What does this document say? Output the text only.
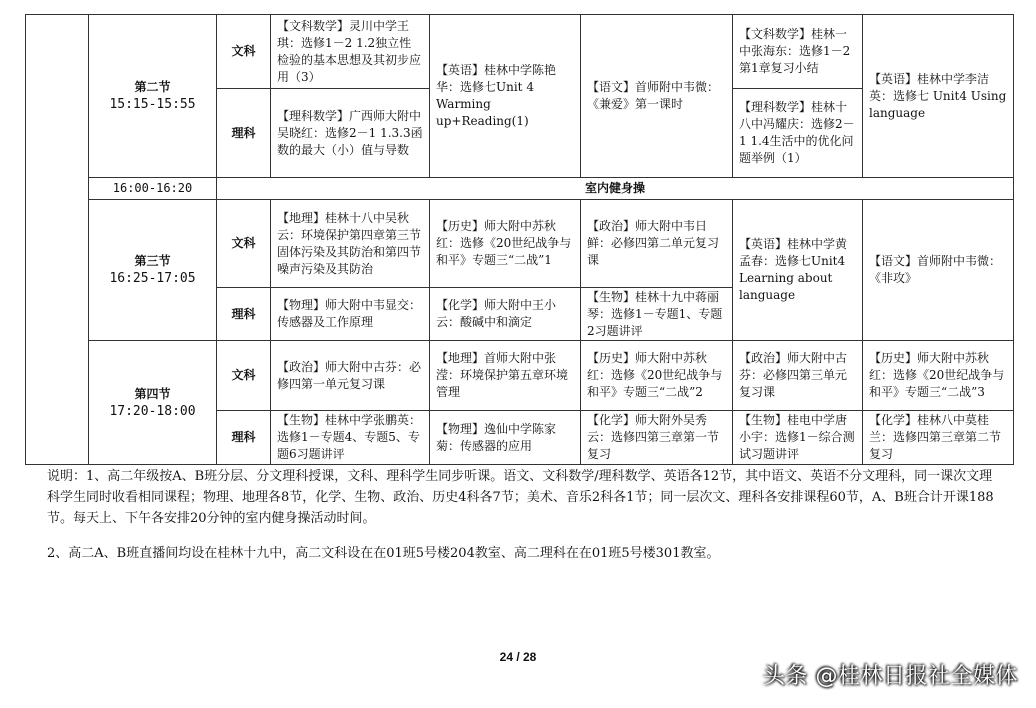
	第二节
15:15-15:55	文科	【文科数学】灵川中学王琪：选修1－2 1.2独立性检验的基本思想及其初步应用（3）	【英语】桂林中学陈艳华：选修七Unit 4 Warming up+Reading(1)	【语文】首师附中韦微：《兼爱》第一课时	【文科数学】桂林一中张海东：选修1－2第1章复习小结	【英语】桂林中学李洁英：选修七 Unit4 Using language
		理科	【理科数学】广西师大附中吴晓红：选修2－1 1.3.3函数的最大（小）值与导数			【理科数学】桂林十八中冯耀庆：选修2－1 1.4生活中的优化问题举例（1）	
	16:00-16:20	室内健身操					

	第三节
16:25-17:05	文科	【地理】桂林十八中吴秋云：环境保护第四章第三节固体污染及其防治和第四节噪声污染及其防治	【历史】师大附中苏秋红：选修《20世纪战争与和平》专题三“二战”1	【政治】师大附中韦日鲜：必修四第二单元复习课	【英语】桂林中学黄孟春：选修七Unit4 Learning about language	【语文】首师附中韦微：《非攻》
		理科	【物理】师大附中韦显交：传感器及工作原理	【化学】师大附中王小云：酸碱中和滴定	【生物】桂林十九中蒋丽琴：选修1－专题1、专题2习题讲评		

	第四节
17:20-18:00	文科	【政治】师大附中古芬：必修四第一单元复习课	【地理】首师大附中张滢：环境保护第五章环境管理	【历史】师大附中苏秋红：选修《20世纪战争与和平》专题三“二战”2	【政治】师大附中古芬：必修四第三单元复习课	【历史】师大附中苏秋红：选修《20世纪战争与和平》专题三“二战”3
		理科	【生物】桂林中学张鹏英：选修1－专题4、专题5、专题6习题讲评	【物理】逸仙中学陈家菊：传感器的应用	【化学】师大附外吴秀云：选修四第三章第一节复习	【生物】桂电中学唐小宇：选修1－综合测试习题讲评	【化学】桂林八中莫桂兰：选修四第三章第二节复习

说明：1、高二年级按A、B班分层、分文理科授课，文科、理科学生同步听课。语文、文科数学/理科数学、英语各12节，其中语文、英语不分文理科，同一课次文理科学生同时收看相同课程；物理、地理各8节，化学、生物、政治、历史4科各7节；美术、音乐2科各1节；同一层次文、理科各安排课程60节，A、B班合计开课188节。每天上、下午各安排20分钟的室内健身操活动时间。

2、高二A、B班直播间均设在桂林十九中，高二文科设在在01班5号楼204教室、高二理科在在01班5号楼301教室。

24 / 28
头条 @桂林日报社全媒体
